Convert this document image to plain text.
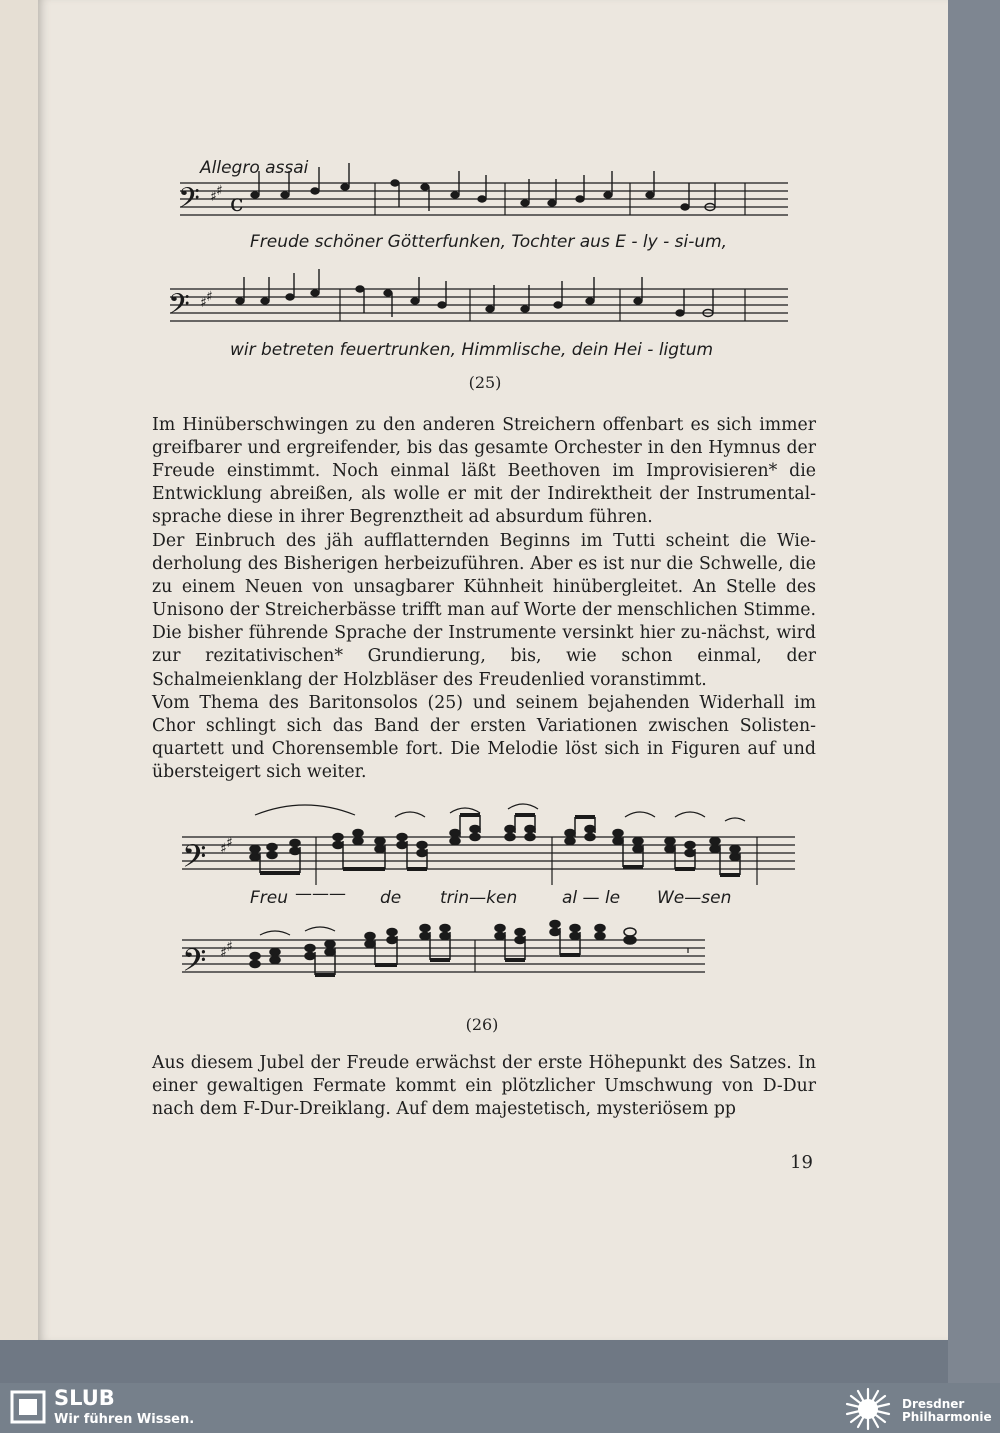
𝄢 ♯ ♯ c
𝄢 ♯ ♯
Allegro assai
Freude schöner Götterfunken, Tochter aus E - ly - si-um,
wir betreten feuertrunken, Himmlische, dein Hei - ligtum
(25)

Im Hinüberschwingen zu den anderen Streichern offenbart es sich immer greifbarer und ergreifender, bis das gesamte Orchester in den Hymnus der Freude einstimmt. Noch einmal läßt Beethoven im Improvisieren* die Entwicklung abreißen, als wolle er mit der Indirektheit der Instrumental-sprache diese in ihrer Begrenztheit ad absurdum führen.

Der Einbruch des jäh aufflatternden Beginns im Tutti scheint die Wie-derholung des Bisherigen herbeizuführen. Aber es ist nur die Schwelle, die zu einem Neuen von unsagbarer Kühnheit hinübergleitet. An Stelle des Unisono der Streicherbässe trifft man auf Worte der menschlichen Stimme. Die bisher führende Sprache der Instrumente versinkt hier zu-nächst, wird zur rezitativischen* Grundierung, bis, wie schon einmal, der Schalmeienklang der Holzbläser des Freudenlied voranstimmt.

Vom Thema des Baritonsolos (25) und seinem bejahenden Widerhall im Chor schlingt sich das Band der ersten Variationen zwischen Solisten-quartett und Chorensemble fort. Die Melodie löst sich in Figuren auf und übersteigert sich weiter.

𝄢 ♯ ♯
𝄢 ♯ ♯
Freu ——— de trin—ken	al — le We—sen
(26)

Aus diesem Jubel der Freude erwächst der erste Höhepunkt des Satzes. In einer gewaltigen Fermate kommt ein plötzlicher Umschwung von D-Dur nach dem F-Dur-Dreiklang. Auf dem majestetisch, mysteriösem pp

19
SLUB
Wir führen Wissen.
Dresdner
Philharmonie
